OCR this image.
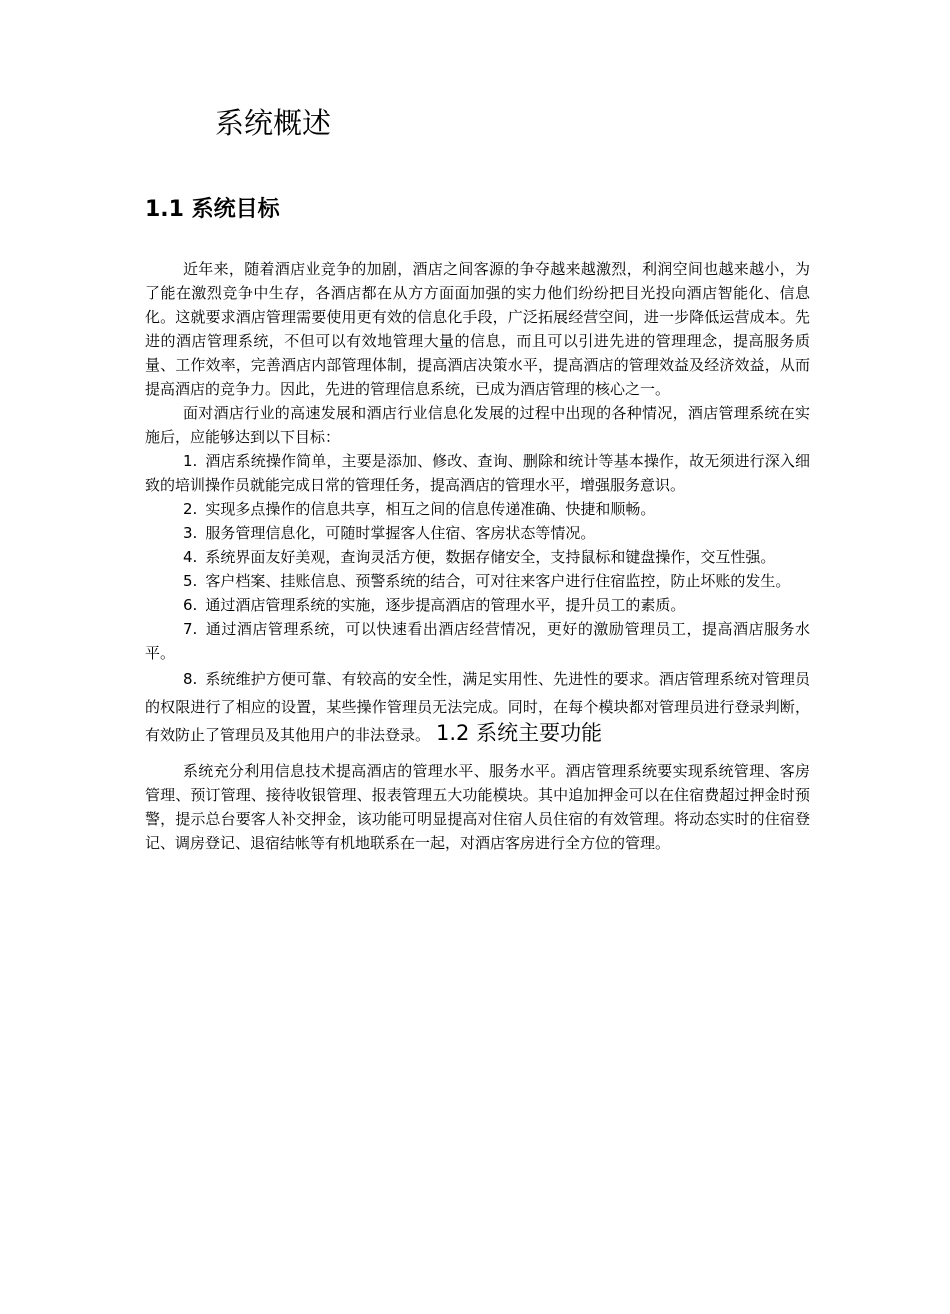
系统概述
1.1 系统目标

近年来，随着酒店业竞争的加剧，酒店之间客源的争夺越来越激烈，利润空间也越来越小，为了能在激烈竞争中生存，各酒店都在从方方面面加强的实力他们纷纷把目光投向酒店智能化、信息化。这就要求酒店管理需要使用更有效的信息化手段，广泛拓展经营空间，进一步降低运营成本。先进的酒店管理系统，不但可以有效地管理大量的信息，而且可以引进先进的管理理念，提高服务质量、工作效率，完善酒店内部管理体制，提高酒店决策水平，提高酒店的管理效益及经济效益，从而提高酒店的竞争力。因此，先进的管理信息系统，已成为酒店管理的核心之一。

面对酒店行业的高速发展和酒店行业信息化发展的过程中出现的各种情况，酒店管理系统在实施后，应能够达到以下目标：

1. 酒店系统操作简单，主要是添加、修改、查询、删除和统计等基本操作，故无须进行深入细致的培训操作员就能完成日常的管理任务，提高酒店的管理水平，增强服务意识。

2. 实现多点操作的信息共享，相互之间的信息传递准确、快捷和顺畅。

3. 服务管理信息化，可随时掌握客人住宿、客房状态等情况。

4. 系统界面友好美观，查询灵活方便，数据存储安全，支持鼠标和键盘操作，交互性强。

5. 客户档案、挂账信息、预警系统的结合，可对往来客户进行住宿监控，防止坏账的发生。

6. 通过酒店管理系统的实施，逐步提高酒店的管理水平，提升员工的素质。

7. 通过酒店管理系统，可以快速看出酒店经营情况，更好的激励管理员工，提高酒店服务水平。

8. 系统维护方便可靠、有较高的安全性，满足实用性、先进性的要求。酒店管理系统对管理员的权限进行了相应的设置，某些操作管理员无法完成。同时，在每个模块都对管理员进行登录判断，有效防止了管理员及其他用户的非法登录。 1.2 系统主要功能

系统充分利用信息技术提高酒店的管理水平、服务水平。酒店管理系统要实现系统管理、客房管理、预订管理、接待收银管理、报表管理五大功能模块。其中追加押金可以在住宿费超过押金时预警，提示总台要客人补交押金，该功能可明显提高对住宿人员住宿的有效管理。将动态实时的住宿登记、调房登记、退宿结帐等有机地联系在一起，对酒店客房进行全方位的管理。
